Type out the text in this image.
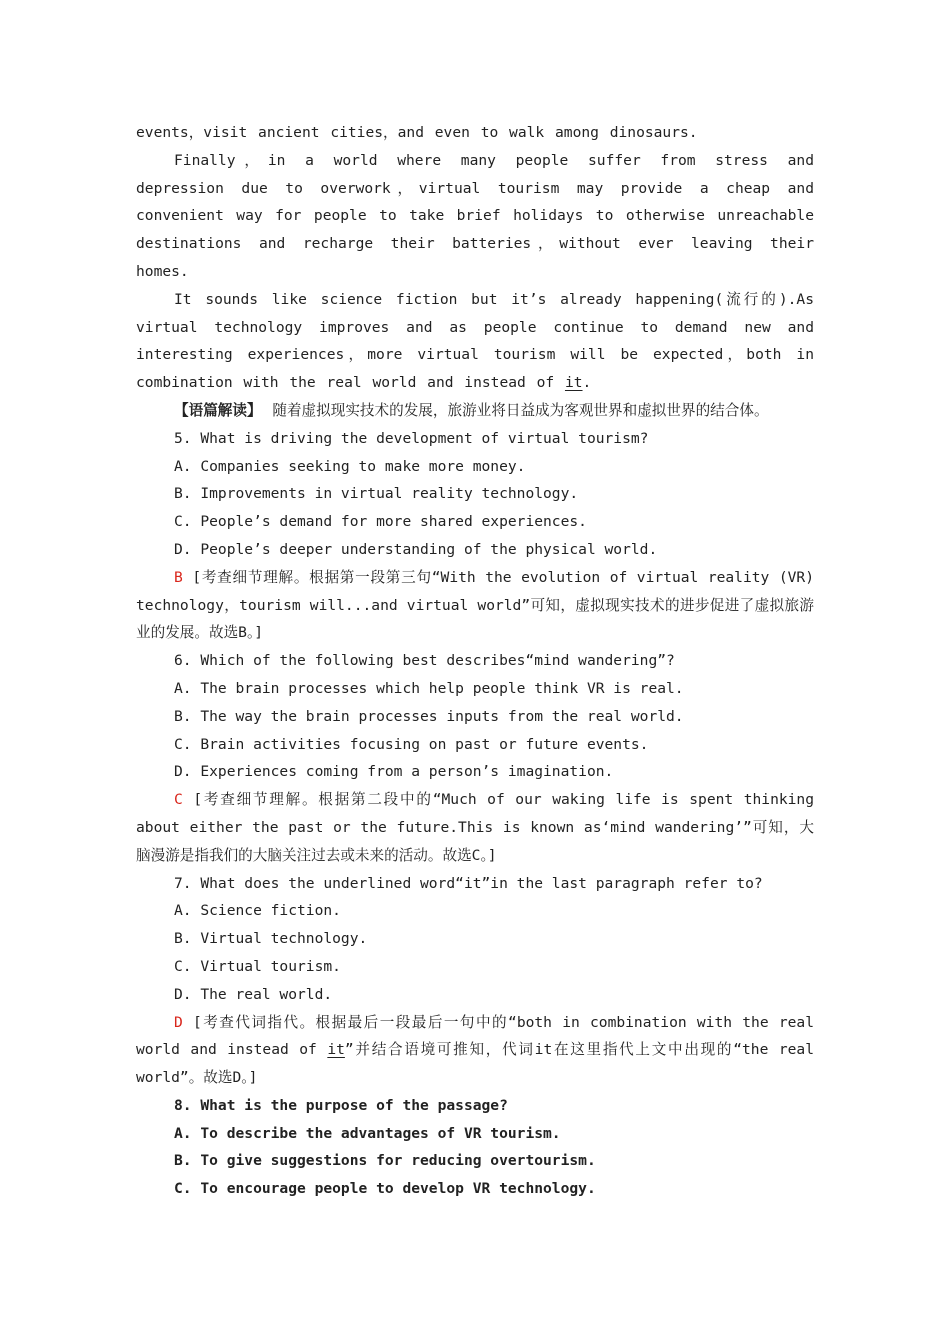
events，visit ancient cities，and even to walk among dinosaurs.

Finally，in a world where many people suffer from stress and depression due to overwork，virtual tourism may provide a cheap and convenient way for people to take brief holidays to otherwise unreachable destinations and recharge their batteries，without ever leaving their homes.

It sounds like science fiction but it’s already happening(流行的).As virtual technology improves and as people continue to demand new and interesting experiences，more virtual tourism will be expected，both in combination with the real world and instead of it.

【语篇解读】 随着虚拟现实技术的发展，旅游业将日益成为客观世界和虚拟世界的结合体。

5. What is driving the development of virtual tourism?

A. Companies seeking to make more money.

B. Improvements in virtual reality technology.

C. People’s demand for more shared experiences.

D. People’s deeper understanding of the physical world.

B [考查细节理解。根据第一段第三句“With the evolution of virtual reality (VR) technology，tourism will...and virtual world”可知，虚拟现实技术的进步促进了虚拟旅游业的发展。故选B。]

6. Which of the following best describes“mind wandering”?

A. The brain processes which help people think VR is real.

B. The way the brain processes inputs from the real world.

C. Brain activities focusing on past or future events.

D. Experiences coming from a person’s imagination.

C [考查细节理解。根据第二段中的“Much of our waking life is spent thinking about either the past or the future.This is known as‘mind wandering’”可知，大脑漫游是指我们的大脑关注过去或未来的活动。故选C。]

7. What does the underlined word“it”in the last paragraph refer to?

A. Science fiction.

B. Virtual technology.

C. Virtual tourism.

D. The real world.

D [考查代词指代。根据最后一段最后一句中的“both in combination with the real world and instead of it”并结合语境可推知，代词it在这里指代上文中出现的“the real world”。故选D。]

8. What is the purpose of the passage?

A. To describe the advantages of VR tourism.

B. To give suggestions for reducing overtourism.

C. To encourage people to develop VR technology.
